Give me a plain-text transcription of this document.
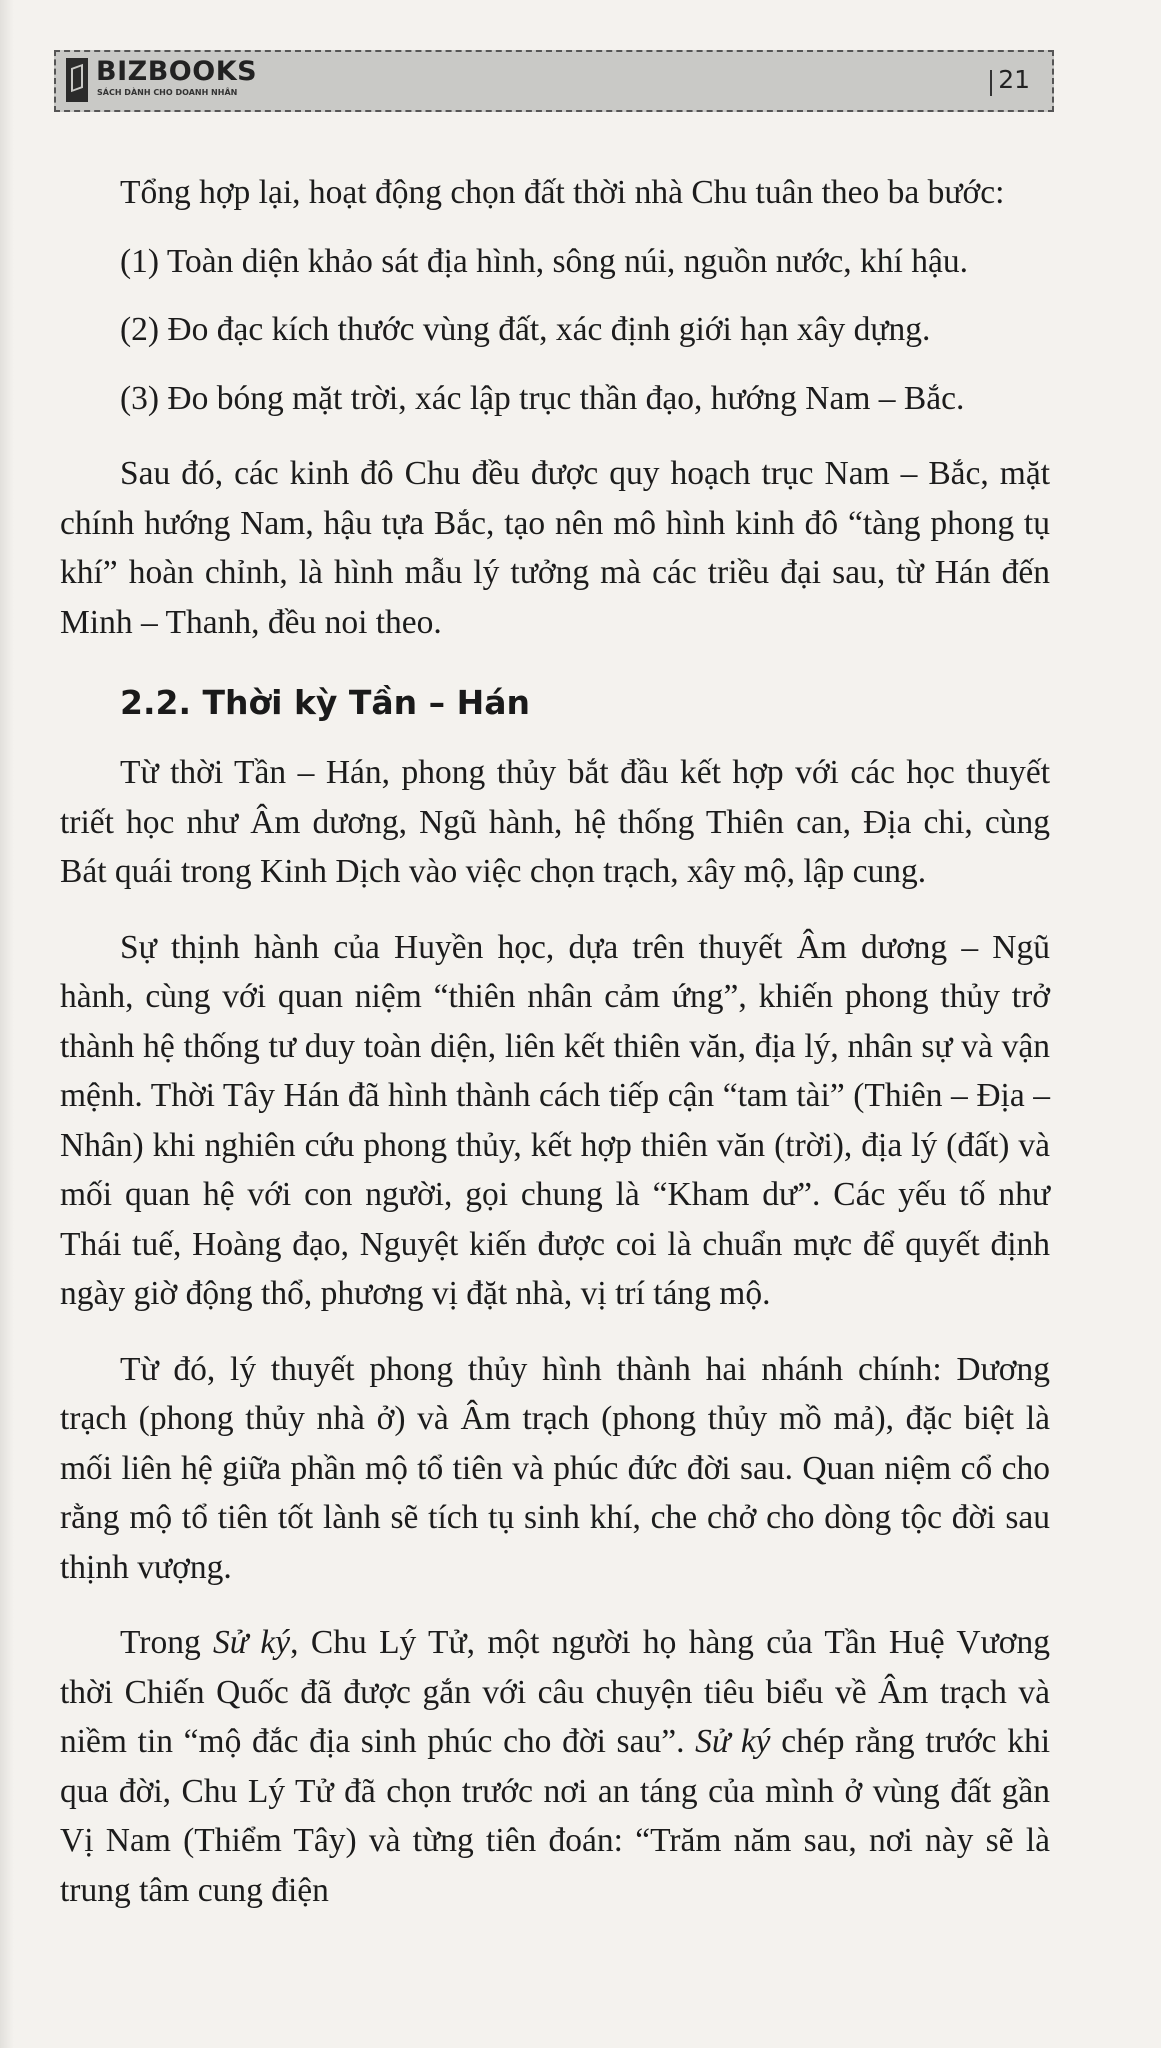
BIZBOOKS
SÁCH DÀNH CHO DOANH NHÂN	21

Tổng hợp lại, hoạt động chọn đất thời nhà Chu tuân theo ba bước:

(1) Toàn diện khảo sát địa hình, sông núi, nguồn nước, khí hậu.

(2) Đo đạc kích thước vùng đất, xác định giới hạn xây dựng.

(3) Đo bóng mặt trời, xác lập trục thần đạo, hướng Nam – Bắc.

Sau đó, các kinh đô Chu đều được quy hoạch trục Nam – Bắc, mặt chính hướng Nam, hậu tựa Bắc, tạo nên mô hình kinh đô “tàng phong tụ khí” hoàn chỉnh, là hình mẫu lý tưởng mà các triều đại sau, từ Hán đến Minh – Thanh, đều noi theo.

2.2. Thời kỳ Tần – Hán

Từ thời Tần – Hán, phong thủy bắt đầu kết hợp với các học thuyết triết học như Âm dương, Ngũ hành, hệ thống Thiên can, Địa chi, cùng Bát quái trong Kinh Dịch vào việc chọn trạch, xây mộ, lập cung.

Sự thịnh hành của Huyền học, dựa trên thuyết Âm dương – Ngũ hành, cùng với quan niệm “thiên nhân cảm ứng”, khiến phong thủy trở thành hệ thống tư duy toàn diện, liên kết thiên văn, địa lý, nhân sự và vận mệnh. Thời Tây Hán đã hình thành cách tiếp cận “tam tài” (Thiên – Địa – Nhân) khi nghiên cứu phong thủy, kết hợp thiên văn (trời), địa lý (đất) và mối quan hệ với con người, gọi chung là “Kham dư”. Các yếu tố như Thái tuế, Hoàng đạo, Nguyệt kiến được coi là chuẩn mực để quyết định ngày giờ động thổ, phương vị đặt nhà, vị trí táng mộ.

Từ đó, lý thuyết phong thủy hình thành hai nhánh chính: Dương trạch (phong thủy nhà ở) và Âm trạch (phong thủy mồ mả), đặc biệt là mối liên hệ giữa phần mộ tổ tiên và phúc đức đời sau. Quan niệm cổ cho rằng mộ tổ tiên tốt lành sẽ tích tụ sinh khí, che chở cho dòng tộc đời sau thịnh vượng.

Trong Sử ký, Chu Lý Tử, một người họ hàng của Tần Huệ Vương thời Chiến Quốc đã được gắn với câu chuyện tiêu biểu về Âm trạch và niềm tin “mộ đắc địa sinh phúc cho đời sau”. Sử ký chép rằng trước khi qua đời, Chu Lý Tử đã chọn trước nơi an táng của mình ở vùng đất gần Vị Nam (Thiểm Tây) và từng tiên đoán: “Trăm năm sau, nơi này sẽ là trung tâm cung điện
